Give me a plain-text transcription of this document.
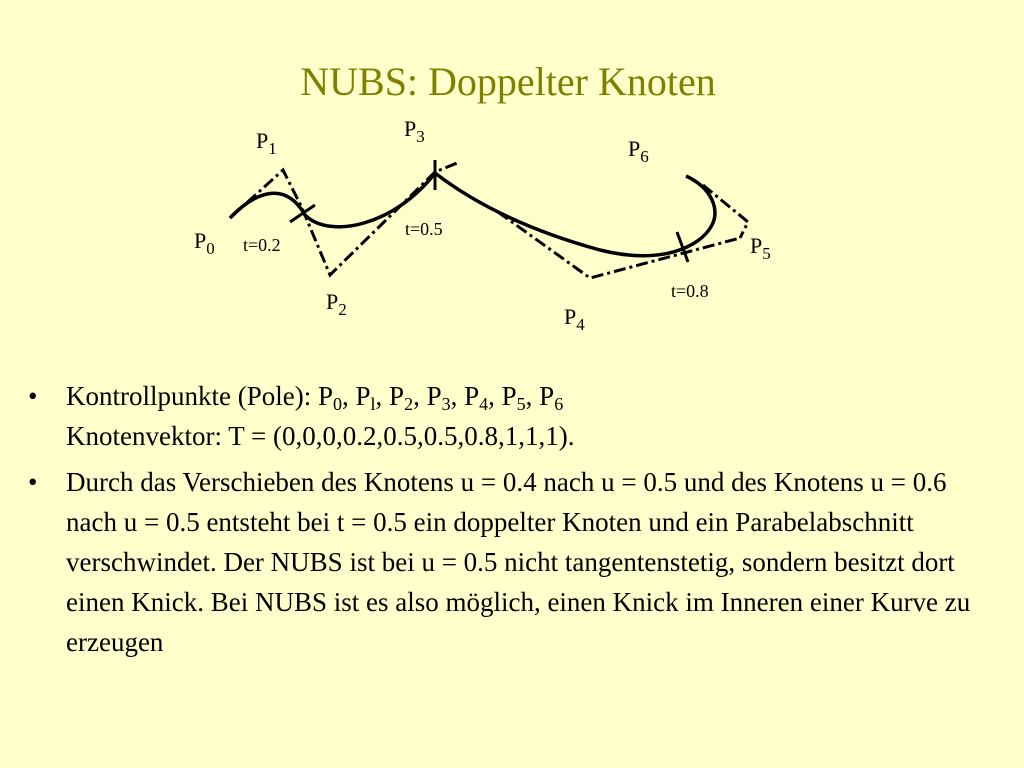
NUBS: Doppelter Knoten
$P_0$
$P_1$
$P_2$
$P_3$
$P_4$
$P_5$
$P_6$
t=0.2
t=0.5
t=0.8
• Kontrollpunkte (Pole): $P_0$, $P_l$, $P_2$, $P_3$, $P_4$, $P_5$, $P_6$
Knotenvektor: T = (0,0,0,0.2,0.5,0.5,0.8,1,1,1).
• Durch das Verschieben des Knotens u = 0.4 nach u = 0.5 und des Knotens u = 0.6 nach u = 0.5 entsteht bei t = 0.5 ein doppelter Knoten und ein Parabelabschnitt verschwindet. Der NUBS ist bei u = 0.5 nicht tangentenstetig, sondern besitzt dort einen Knick. Bei NUBS ist es also möglich, einen Knick im Inneren einer Kurve zu erzeugen
